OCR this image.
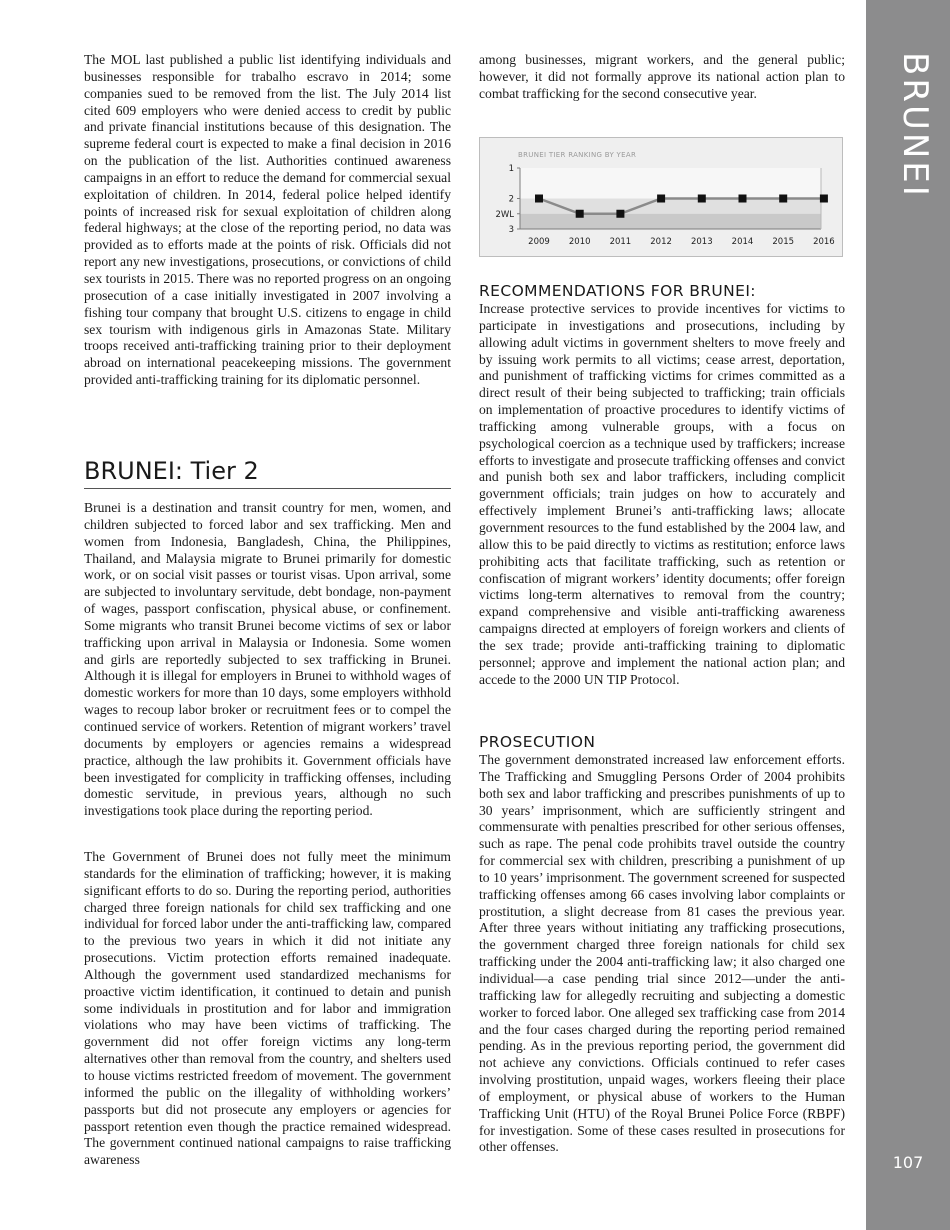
BRUNEI
107

The MOL last published a public list identifying individuals and businesses responsible for trabalho escravo in 2014; some companies sued to be removed from the list. The July 2014 list cited 609 employers who were denied access to credit by public and private financial institutions because of this designation. The supreme federal court is expected to make a final decision in 2016 on the publication of the list. Authorities continued awareness campaigns in an effort to reduce the demand for commercial sexual exploitation of children. In 2014, federal police helped identify points of increased risk for sexual exploitation of children along federal highways; at the close of the reporting period, no data was provided as to efforts made at the points of risk. Officials did not report any new investigations, prosecutions, or convictions of child sex tourists in 2015. There was no reported progress on an ongoing prosecution of a case initially investigated in 2007 involving a fishing tour company that brought U.S. citizens to engage in child sex tourism with indigenous girls in Amazonas State. Military troops received anti-trafficking training prior to their deployment abroad on international peacekeeping missions. The government provided anti-trafficking training for its diplomatic personnel.

BRUNEI: Tier 2

Brunei is a destination and transit country for men, women, and children subjected to forced labor and sex trafficking. Men and women from Indonesia, Bangladesh, China, the Philippines, Thailand, and Malaysia migrate to Brunei primarily for domestic work, or on social visit passes or tourist visas. Upon arrival, some are subjected to involuntary servitude, debt bondage, non-payment of wages, passport confiscation, physical abuse, or confinement. Some migrants who transit Brunei become victims of sex or labor trafficking upon arrival in Malaysia or Indonesia. Some women and girls are reportedly subjected to sex trafficking in Brunei. Although it is illegal for employers in Brunei to withhold wages of domestic workers for more than 10 days, some employers withhold wages to recoup labor broker or recruitment fees or to compel the continued service of workers. Retention of migrant workers’ travel documents by employers or agencies remains a widespread practice, although the law prohibits it. Government officials have been investigated for complicity in trafficking offenses, including domestic servitude, in previous years, although no such investigations took place during the reporting period.

The Government of Brunei does not fully meet the minimum standards for the elimination of trafficking; however, it is making significant efforts to do so. During the reporting period, authorities charged three foreign nationals for child sex trafficking and one individual for forced labor under the anti-trafficking law, compared to the previous two years in which it did not initiate any prosecutions. Victim protection efforts remained inadequate. Although the government used standardized mechanisms for proactive victim identification, it continued to detain and punish some individuals in prostitution and for labor and immigration violations who may have been victims of trafficking. The government did not offer foreign victims any long-term alternatives other than removal from the country, and shelters used to house victims restricted freedom of movement. The government informed the public on the illegality of withholding workers’ passports but did not prosecute any employers or agencies for passport retention even though the practice remained widespread. The government continued national campaigns to raise trafficking awareness

among businesses, migrant workers, and the general public; however, it did not formally approve its national action plan to combat trafficking for the second consecutive year.

BRUNEI TIER RANKING BY YEAR
1
2
2WL
3
2009 2010 2011 2012 2013 2014 2015 2016
RECOMMENDATIONS FOR BRUNEI:

Increase protective services to provide incentives for victims to participate in investigations and prosecutions, including by allowing adult victims in government shelters to move freely and by issuing work permits to all victims; cease arrest, deportation, and punishment of trafficking victims for crimes committed as a direct result of their being subjected to trafficking; train officials on implementation of proactive procedures to identify victims of trafficking among vulnerable groups, with a focus on psychological coercion as a technique used by traffickers; increase efforts to investigate and prosecute trafficking offenses and convict and punish both sex and labor traffickers, including complicit government officials; train judges on how to accurately and effectively implement Brunei’s anti-trafficking laws; allocate government resources to the fund established by the 2004 law, and allow this to be paid directly to victims as restitution; enforce laws prohibiting acts that facilitate trafficking, such as retention or confiscation of migrant workers’ identity documents; offer foreign victims long-term alternatives to removal from the country; expand comprehensive and visible anti-trafficking awareness campaigns directed at employers of foreign workers and clients of the sex trade; provide anti-trafficking training to diplomatic personnel; approve and implement the national action plan; and accede to the 2000 UN TIP Protocol.

PROSECUTION

The government demonstrated increased law enforcement efforts. The Trafficking and Smuggling Persons Order of 2004 prohibits both sex and labor trafficking and prescribes punishments of up to 30 years’ imprisonment, which are sufficiently stringent and commensurate with penalties prescribed for other serious offenses, such as rape. The penal code prohibits travel outside the country for commercial sex with children, prescribing a punishment of up to 10 years’ imprisonment. The government screened for suspected trafficking offenses among 66 cases involving labor complaints or prostitution, a slight decrease from 81 cases the previous year. After three years without initiating any trafficking prosecutions, the government charged three foreign nationals for child sex trafficking under the 2004 anti-trafficking law; it also charged one individual—a case pending trial since 2012—under the anti-trafficking law for allegedly recruiting and subjecting a domestic worker to forced labor. One alleged sex trafficking case from 2014 and the four cases charged during the reporting period remained pending. As in the previous reporting period, the government did not achieve any convictions. Officials continued to refer cases involving prostitution, unpaid wages, workers fleeing their place of employment, or physical abuse of workers to the Human Trafficking Unit (HTU) of the Royal Brunei Police Force (RBPF) for investigation. Some of these cases resulted in prosecutions for other offenses.
